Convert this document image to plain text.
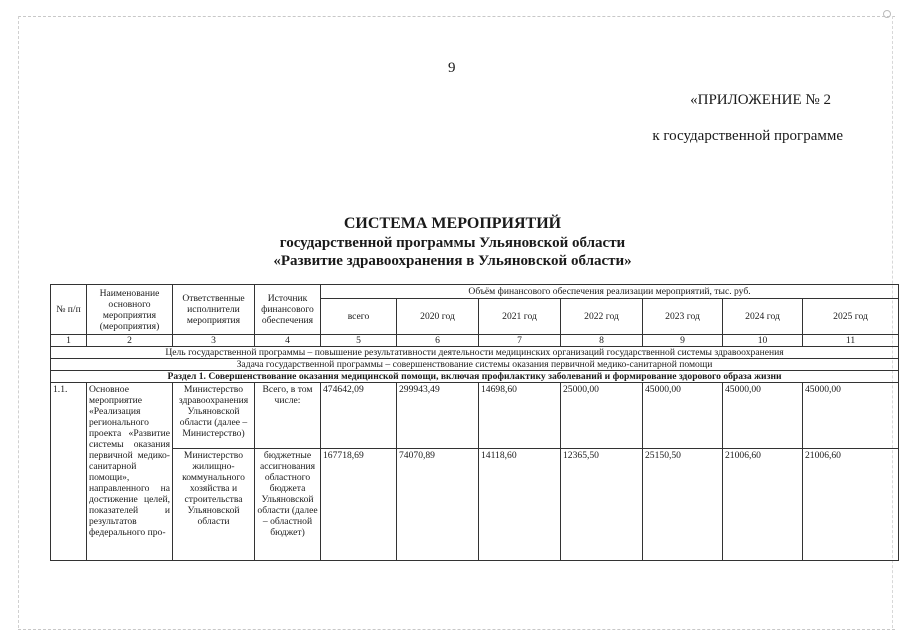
9
«ПРИЛОЖЕНИЕ № 2
к государственной программе
СИСТЕМА МЕРОПРИЯТИЙ
государственной программы Ульяновской области
«Развитие здравоохранения в Ульяновской области»
№ п/п	Наименование основного мероприятия (мероприятия)	Ответственные исполнители мероприятия	Источник финансового обеспечения	Объём финансового обеспечения реализации мероприятий, тыс. руб.						
				всего	2020 год	2021 год	2022 год	2023 год	2024 год	2025 год
1	2	3	4	5	6	7	8	9	10	11
Цель государственной программы – повышение результативности деятельности медицинских организаций государственной системы здравоохранения										
Задача государственной программы – совершенствование системы оказания первичной медико-санитарной помощи										
Раздел 1. Совершенствование оказания медицинской помощи, включая профилактику заболеваний и формирование здорового образа жизни										
1.1.	Основное мероприятие «Реализация регионального проекта «Развитие системы оказания первичной медико-санитарной помощи», направленного на достижение целей, показателей и результатов федерального про-	Министерство здравоохранения Ульяновской области (далее – Министерство)	Всего, в том числе:	474642,09	299943,49	14698,60	25000,00	45000,00	45000,00	45000,00
		Министерство жилищно-коммунального хозяйства и строительства Ульяновской области	бюджетные ассигнования областного бюджета Ульяновской области (далее – областной бюджет)	167718,69	74070,89	14118,60	12365,50	25150,50	21006,60	21006,60
